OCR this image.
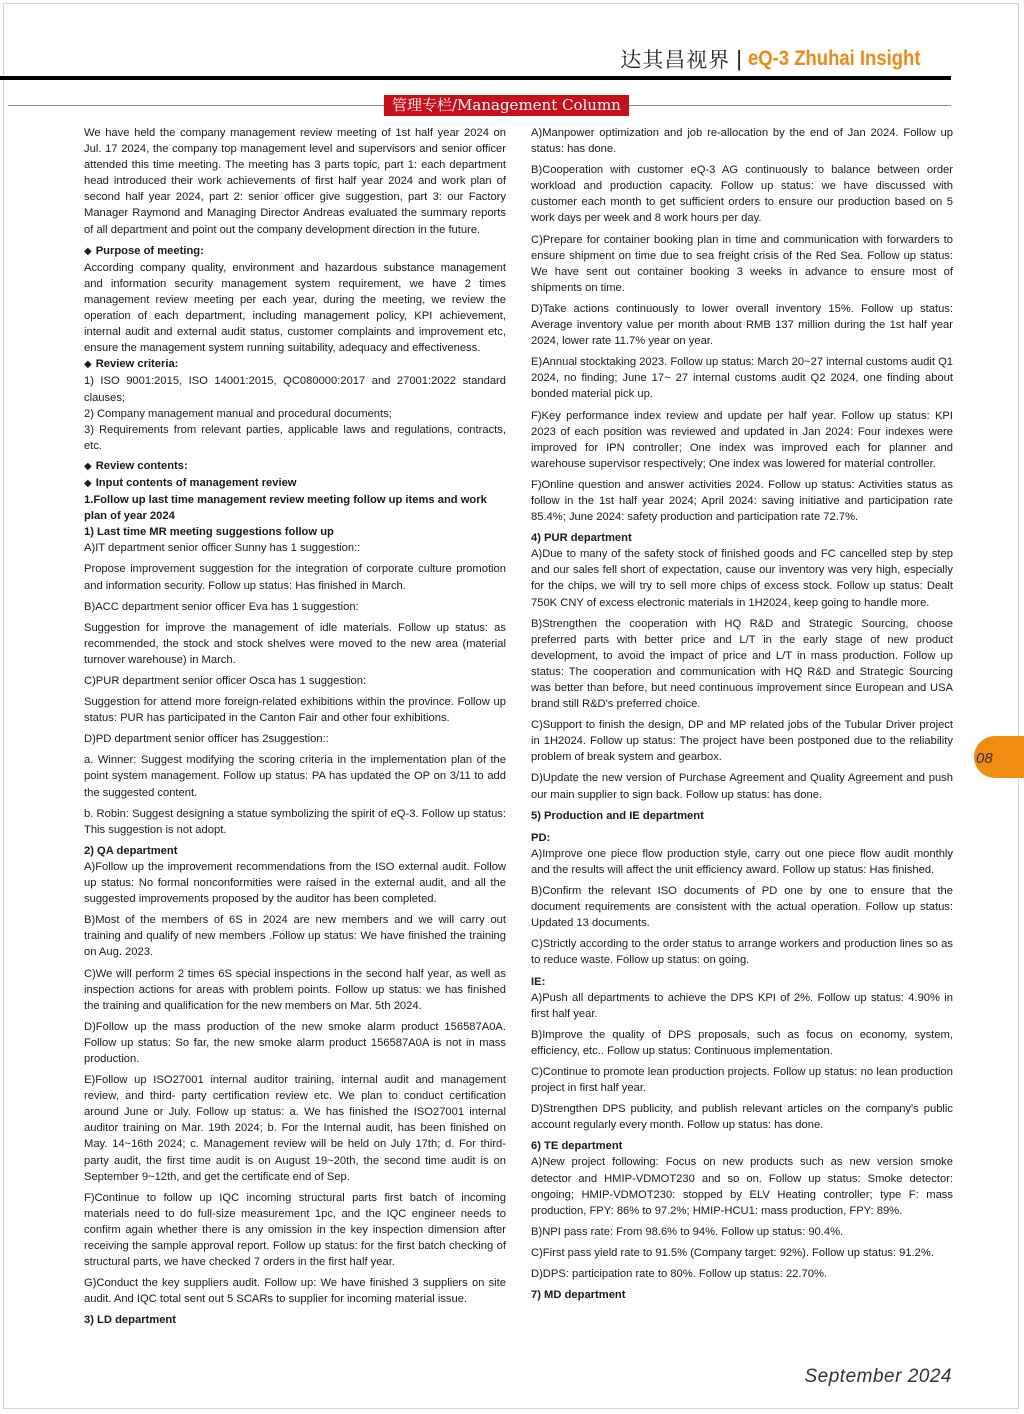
达其昌视界 | eQ-3 Zhuhai Insight
管理专栏/Management Column

We have held the company management review meeting of 1st half year 2024 on Jul. 17 2024, the company top management level and supervisors and senior officer attended this time meeting. The meeting has 3 parts topic, part 1: each department head introduced their work achievements of first half year 2024 and work plan of second half year 2024, part 2: senior officer give suggestion, part 3: our Factory Manager Raymond and Managing Director Andreas evaluated the summary reports of all department and point out the company development direction in the future.

◆ Purpose of meeting:

According company quality, environment and hazardous substance management and information security management system requirement, we have 2 times management review meeting per each year, during the meeting, we review the operation of each department, including management policy, KPI achievement, internal audit and external audit status, customer complaints and improvement etc, ensure the management system running suitability, adequacy and effectiveness.

◆ Review criteria:

1) ISO 9001:2015, ISO 14001:2015, QC080000:2017 and 27001:2022 standard clauses;

2) Company management manual and procedural documents;

3) Requirements from relevant parties, applicable laws and regulations, contracts, etc.

◆ Review contents:

◆ Input contents of management review

1.Follow up last time management review meeting follow up items and work plan of year 2024

1) Last time MR meeting suggestions follow up

A)IT department senior officer Sunny has 1 suggestion::

Propose improvement suggestion for the integration of corporate culture promotion and information security. Follow up status: Has finished in March.

B)ACC department senior officer Eva has 1 suggestion:

Suggestion for improve the management of idle materials. Follow up status: as recommended, the stock and stock shelves were moved to the new area (material turnover warehouse) in March.

C)PUR department senior officer Osca has 1 suggestion:

Suggestion for attend more foreign-related exhibitions within the province. Follow up status: PUR has participated in the Canton Fair and other four exhibitions.

D)PD department senior officer has 2suggestion::

a. Winner: Suggest modifying the scoring criteria in the implementation plan of the point system management. Follow up status: PA has updated the OP on 3/11 to add the suggested content.

b. Robin: Suggest designing a statue symbolizing the spirit of eQ-3. Follow up status: This suggestion is not adopt.

2) QA department

A)Follow up the improvement recommendations from the ISO external audit. Follow up status: No formal nonconformities were raised in the external audit, and all the suggested improvements proposed by the auditor has been completed.

B)Most of the members of 6S in 2024 are new members and we will carry out training and qualify of new members .Follow up status: We have finished the training on Aug. 2023.

C)We will perform 2 times 6S special inspections in the second half year, as well as inspection actions for areas with problem points. Follow up status: we has finished the training and qualification for the new members on Mar. 5th 2024.

D)Follow up the mass production of the new smoke alarm product 156587A0A. Follow up status: So far, the new smoke alarm product 156587A0A is not in mass production.

E)Follow up ISO27001 internal auditor training, internal audit and management review, and third- party certification review etc. We plan to conduct certification around June or July. Follow up status: a. We has finished the ISO27001 internal auditor training on Mar. 19th 2024; b. For the Internal audit, has been finished on May. 14~16th 2024; c. Management review will be held on July 17th; d. For third-party audit, the first time audit is on August 19~20th, the second time audit is on September 9~12th, and get the certificate end of Sep.

F)Continue to follow up IQC incoming structural parts first batch of incoming materials need to do full-size measurement 1pc, and the IQC engineer needs to confirm again whether there is any omission in the key inspection dimension after receiving the sample approval report. Follow up status: for the first batch checking of structural parts, we have checked 7 orders in the first half year.

G)Conduct the key suppliers audit. Follow up: We have finished 3 suppliers on site audit. And IQC total sent out 5 SCARs to supplier for incoming material issue.

3) LD department

A)Manpower optimization and job re-allocation by the end of Jan 2024. Follow up status: has done.

B)Cooperation with customer eQ-3 AG continuously to balance between order workload and production capacity. Follow up status: we have discussed with customer each month to get sufficient orders to ensure our production based on 5 work days per week and 8 work hours per day.

C)Prepare for container booking plan in time and communication with forwarders to ensure shipment on time due to sea freight crisis of the Red Sea. Follow up status: We have sent out container booking 3 weeks in advance to ensure most of shipments on time.

D)Take actions continuously to lower overall inventory 15%. Follow up status: Average inventory value per month about RMB 137 million during the 1st half year 2024, lower rate 11.7% year on year.

E)Annual stocktaking 2023. Follow up status: March 20~27 internal customs audit Q1 2024, no finding; June 17~ 27 internal customs audit Q2 2024, one finding about bonded material pick up.

F)Key performance index review and update per half year. Follow up status: KPI 2023 of each position was reviewed and updated in Jan 2024: Four indexes were improved for IPN controller; One index was improved each for planner and warehouse supervisor respectively; One index was lowered for material controller.

F)Online question and answer activities 2024. Follow up status: Activities status as follow in the 1st half year 2024; April 2024: saving initiative and participation rate 85.4%; June 2024: safety production and participation rate 72.7%.

4) PUR department

A)Due to many of the safety stock of finished goods and FC cancelled step by step and our sales fell short of expectation, cause our inventory was very high, especially for the chips, we will try to sell more chips of excess stock. Follow up status: Dealt 750K CNY of excess electronic materials in 1H2024, keep going to handle more.

B)Strengthen the cooperation with HQ R&D and Strategic Sourcing, choose preferred parts with better price and L/T in the early stage of new product development, to avoid the impact of price and L/T in mass production. Follow up status: The cooperation and communication with HQ R&D and Strategic Sourcing was better than before, but need continuous improvement since European and USA brand still R&D's preferred choice.

C)Support to finish the design, DP and MP related jobs of the Tubular Driver project in 1H2024. Follow up status: The project have been postponed due to the reliability problem of break system and gearbox.

D)Update the new version of Purchase Agreement and Quality Agreement and push our main supplier to sign back. Follow up status: has done.

5) Production and IE department

PD:

A)Improve one piece flow production style, carry out one piece flow audit monthly and the results will affect the unit efficiency award. Follow up status: Has finished.

B)Confirm the relevant ISO documents of PD one by one to ensure that the document requirements are consistent with the actual operation. Follow up status: Updated 13 documents.

C)Strictly according to the order status to arrange workers and production lines so as to reduce waste. Follow up status: on going.

IE:

A)Push all departments to achieve the DPS KPI of 2%. Follow up status: 4.90% in first half year.

B)Improve the quality of DPS proposals, such as focus on economy, system, efficiency, etc.. Follow up status: Continuous implementation.

C)Continue to promote lean production projects. Follow up status: no lean production project in first half year.

D)Strengthen DPS publicity, and publish relevant articles on the company's public account regularly every month. Follow up status: has done.

6) TE department

A)New project following: Focus on new products such as new version smoke detector and HMIP-VDMOT230 and so on. Follow up status: Smoke detector: ongoing; HMIP-VDMOT230: stopped by ELV Heating controller; type F: mass production, FPY: 86% to 97.2%; HMIP-HCU1: mass production, FPY: 89%.

B)NPI pass rate: From 98.6% to 94%. Follow up status: 90.4%.

C)First pass yield rate to 91.5% (Company target: 92%). Follow up status: 91.2%.

D)DPS: participation rate to 80%. Follow up status: 22.70%.

7) MD department

08
September 2024
